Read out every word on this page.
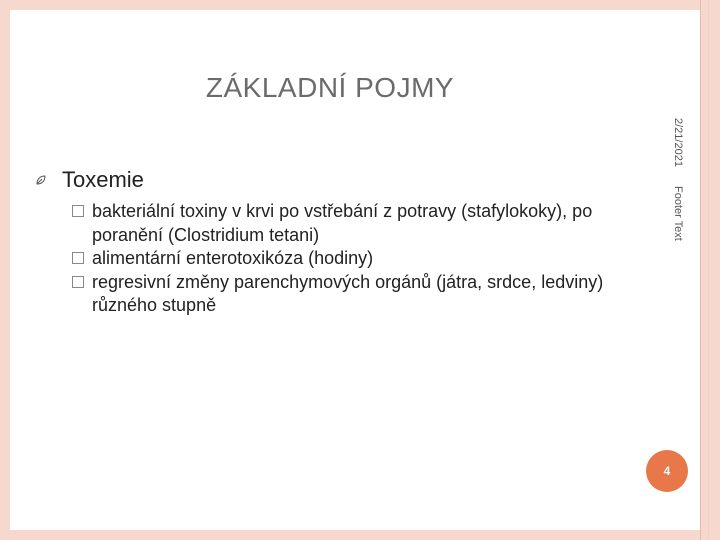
ZÁKLADNÍ POJMY
2/21/2021
Footer Text
Toxemie
bakteriální toxiny v krvi po vstřebání z potravy (stafylokoky), po poranění (Clostridium tetani)
alimentární enterotoxikóza (hodiny)
regresivní změny parenchymových orgánů (játra, srdce, ledviny) různého stupně
4
